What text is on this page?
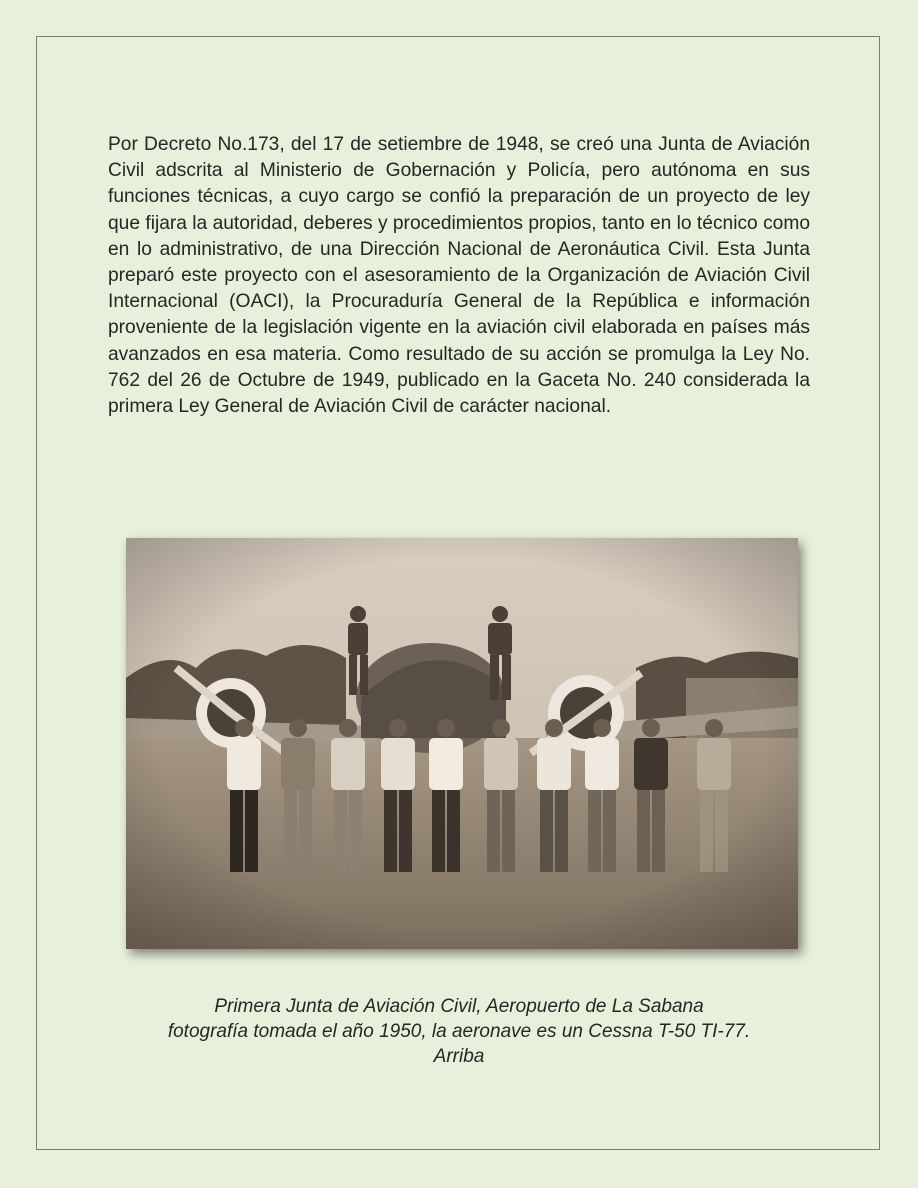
Por Decreto No.173, del 17 de setiembre de 1948, se creó una Junta de Aviación Civil adscrita al Ministerio de Gobernación y Policía, pero autónoma en sus funciones técnicas, a cuyo cargo se confió la preparación de un proyecto de ley que fijara la autoridad, deberes y procedimientos propios, tanto en lo técnico como en lo administrativo, de una Dirección Nacional de Aeronáutica Civil. Esta Junta preparó este proyecto con el asesoramiento de la Organización de Aviación Civil Internacional (OACI), la Procuraduría General de la República e información proveniente de la legislación vigente en la aviación civil elaborada en países más avanzados en esa materia. Como resultado de su acción se promulga la Ley No. 762 del 26 de Octubre de 1949, publicado en la Gaceta No. 240 considerada la primera Ley General de Aviación Civil de carácter nacional.

Primera Junta de Aviación Civil, Aeropuerto de La Sabana
fotografía tomada el año 1950, la aeronave es un Cessna T-50 TI-77.
Arriba
